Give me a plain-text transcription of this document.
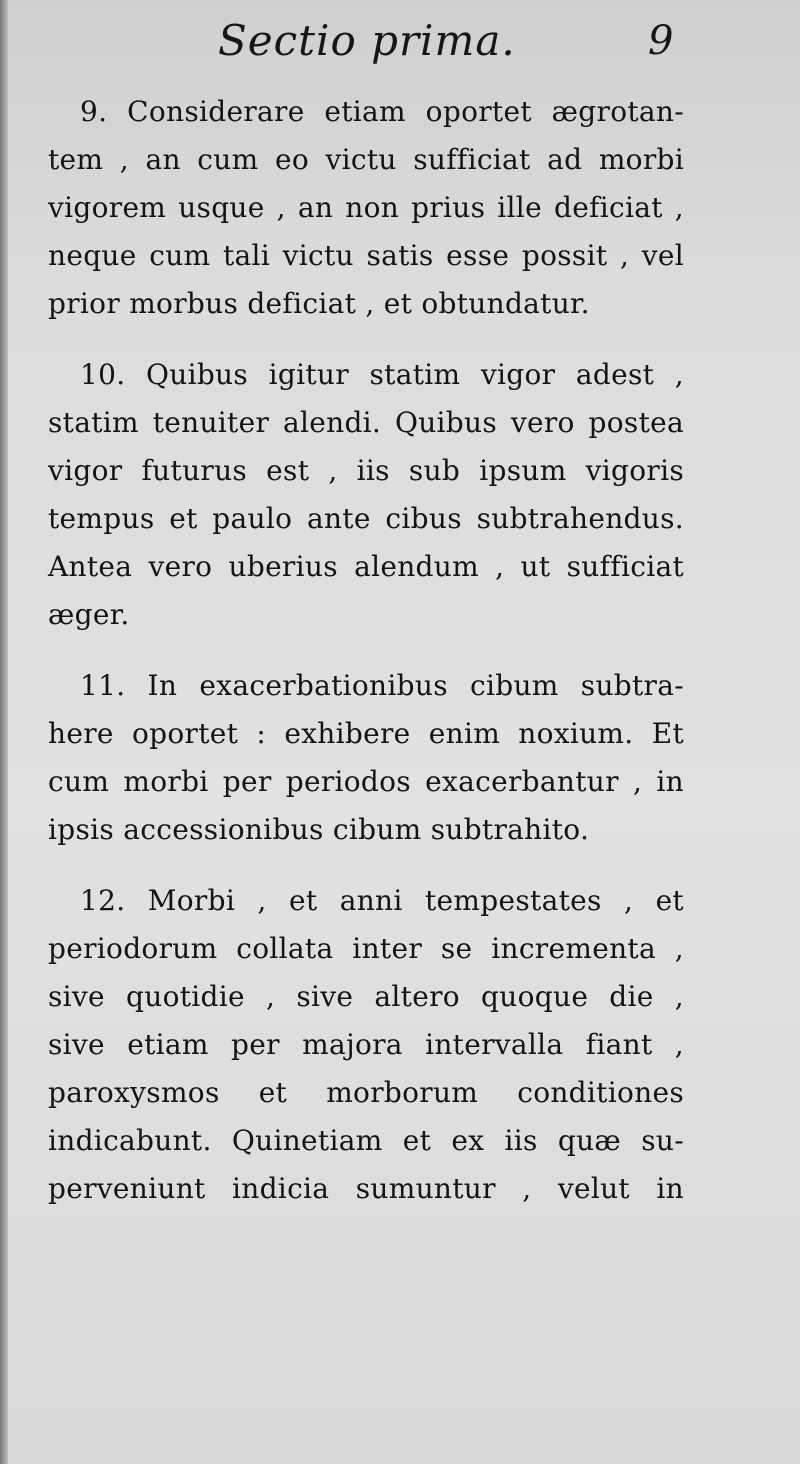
Sectio prima.	9
9. Considerare etiam oportet ægrotan-
tem , an cum eo victu sufficiat ad morbi
vigorem usque , an non prius ille deficiat ,
neque cum tali victu satis esse possit , vel
prior morbus deficiat , et obtundatur.
10. Quibus igitur statim vigor adest ,
statim tenuiter alendi. Quibus vero postea
vigor futurus est , iis sub ipsum vigoris
tempus et paulo ante cibus subtrahendus.
Antea vero uberius alendum , ut sufficiat
æger.
11. In exacerbationibus cibum subtra-
here oportet : exhibere enim noxium. Et
cum morbi per periodos exacerbantur , in
ipsis accessionibus cibum subtrahito.
12. Morbi , et anni tempestates , et
periodorum collata inter se incrementa ,
sive quotidie , sive altero quoque die ,
sive etiam per majora intervalla fiant ,
paroxysmos et morborum conditiones
indicabunt. Quinetiam et ex iis quæ su-
perveniunt indicia sumuntur , velut in
